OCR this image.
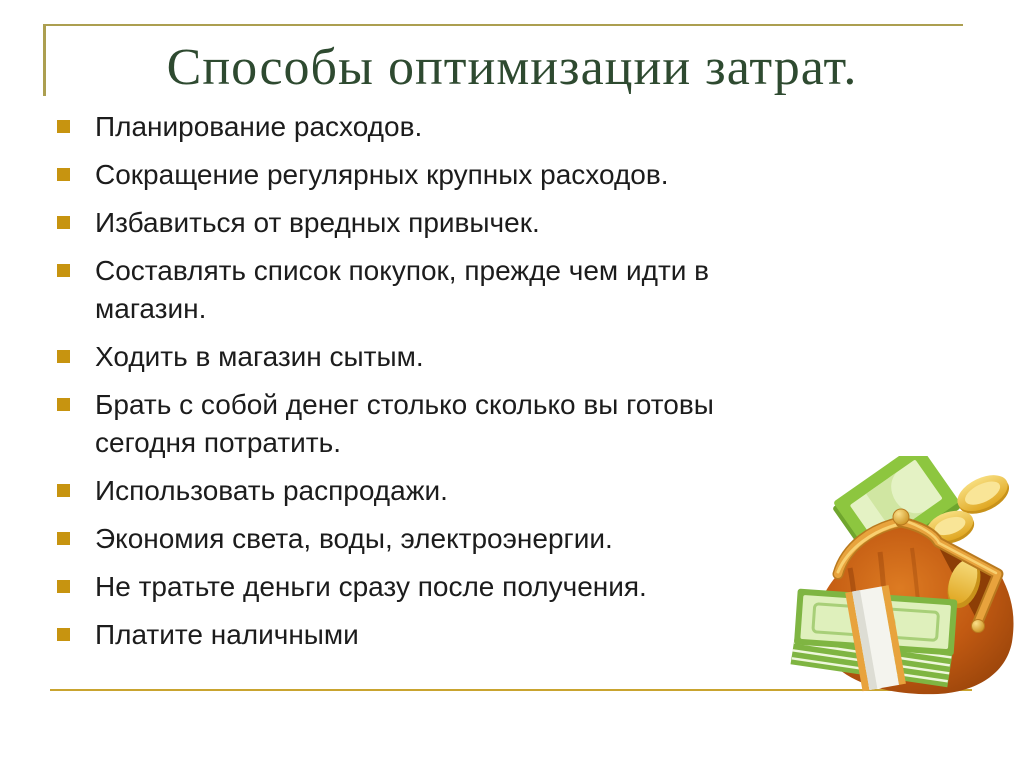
Способы оптимизации затрат.
Планирование расходов.
Сокращение регулярных крупных расходов.
Избавиться от вредных привычек.
Составлять список покупок, прежде чем идти в магазин.
Ходить в магазин сытым.
Брать с собой денег столько сколько вы готовы сегодня потратить.
Использовать распродажи.
Экономия света, воды, электроэнергии.
Не тратьте деньги сразу после получения.
Платите наличными
